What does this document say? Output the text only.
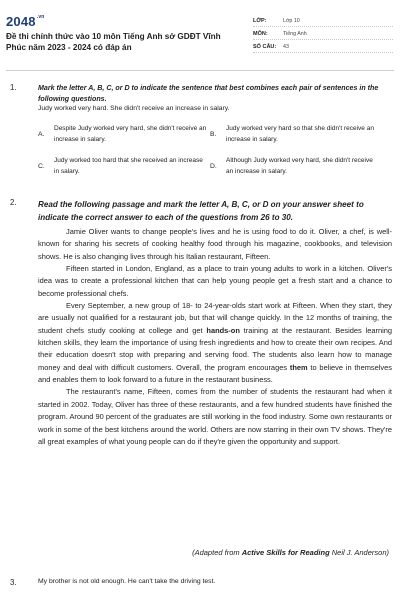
$2048^{.vn}$
Đề thi chính thức vào 10 môn Tiếng Anh sở GDĐT Vĩnh Phúc năm 2023 - 2024 có đáp án
LỚP:	Lớp 10
MÔN:	Tiếng Anh
SỐ CÂU:	43
1.	Mark the letter A, B, C, or D to indicate the sentence that best combines each pair of sentences in the following questions.
Judy worked very hard. She didn't receive an increase in salary.
A.
Despite Judy worked very hard, she didn't receive an increase in salary.
B.
Judy worked very hard so that she didn't receive an increase in salary.
C.
Judy worked too hard that she received an increase in salary.
D.
Although Judy worked very hard, she didn't receive an increase in salary.
2.	Read the following passage and mark the letter A, B, C, or D on your answer sheet to indicate the correct answer to each of the questions from 26 to 30.

Jamie Oliver wants to change people's lives and he is using food to do it. Oliver, a chef, is well-known for sharing his secrets of cooking healthy food through his magazine, cookbooks, and television shows. He is also changing lives through his Italian restaurant, Fifteen.

Fifteen started in London, England, as a place to train young adults to work in a kitchen. Oliver's idea was to create a professional kitchen that can help young people get a fresh start and a chance to become professional chefs.

Every September, a new group of 18- to 24-year-olds start work at Fifteen. When they start, they are usually not qualified for a restaurant job, but that will change quickly. In the 12 months of training, the student chefs study cooking at college and get hands-on training at the restaurant. Besides learning kitchen skills, they learn the importance of using fresh ingredients and how to create their own recipes. And their education doesn't stop with preparing and serving food. The students also learn how to manage money and deal with difficult customers. Overall, the program encourages them to believe in themselves and enables them to look forward to a future in the restaurant business.

The restaurant's name, Fifteen, comes from the number of students the restaurant had when it started in 2002. Today, Oliver has three of these restaurants, and a few hundred students have finished the program. Around 90 percent of the graduates are still working in the food industry. Some own restaurants or work in some of the best kitchens around the world. Others are now starring in their own TV shows. They're all great examples of what young people can do if they're given the opportunity and support.

(Adapted from Active Skills for Reading Neil J. Anderson)
3.	My brother is not old enough. He can't take the driving test.
